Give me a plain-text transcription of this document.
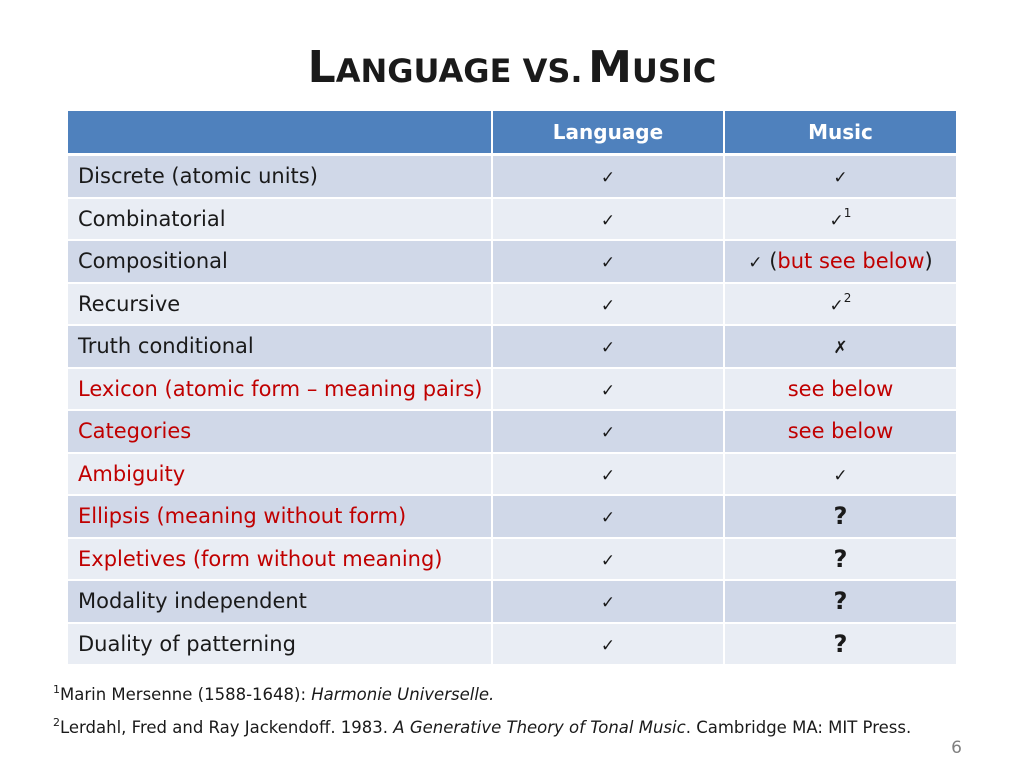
LANGUAGE VS. MUSIC
	Language	Music
Discrete (atomic units)	✓	✓
Combinatorial	✓	✓$^1$
Compositional	✓	✓ (but see below)
Recursive	✓	✓$^2$
Truth conditional	✓	✗
Lexicon (atomic form – meaning pairs)	✓	see below
Categories	✓	see below
Ambiguity	✓	✓
Ellipsis (meaning without form)	✓	?
Expletives (form without meaning)	✓	?
Modality independent	✓	?
Duality of patterning	✓	?
$^1$Marin Mersenne (1588-1648): Harmonie Universelle.
$^2$Lerdahl, Fred and Ray Jackendoff. 1983. A Generative Theory of Tonal Music. Cambridge MA: MIT Press.
6
